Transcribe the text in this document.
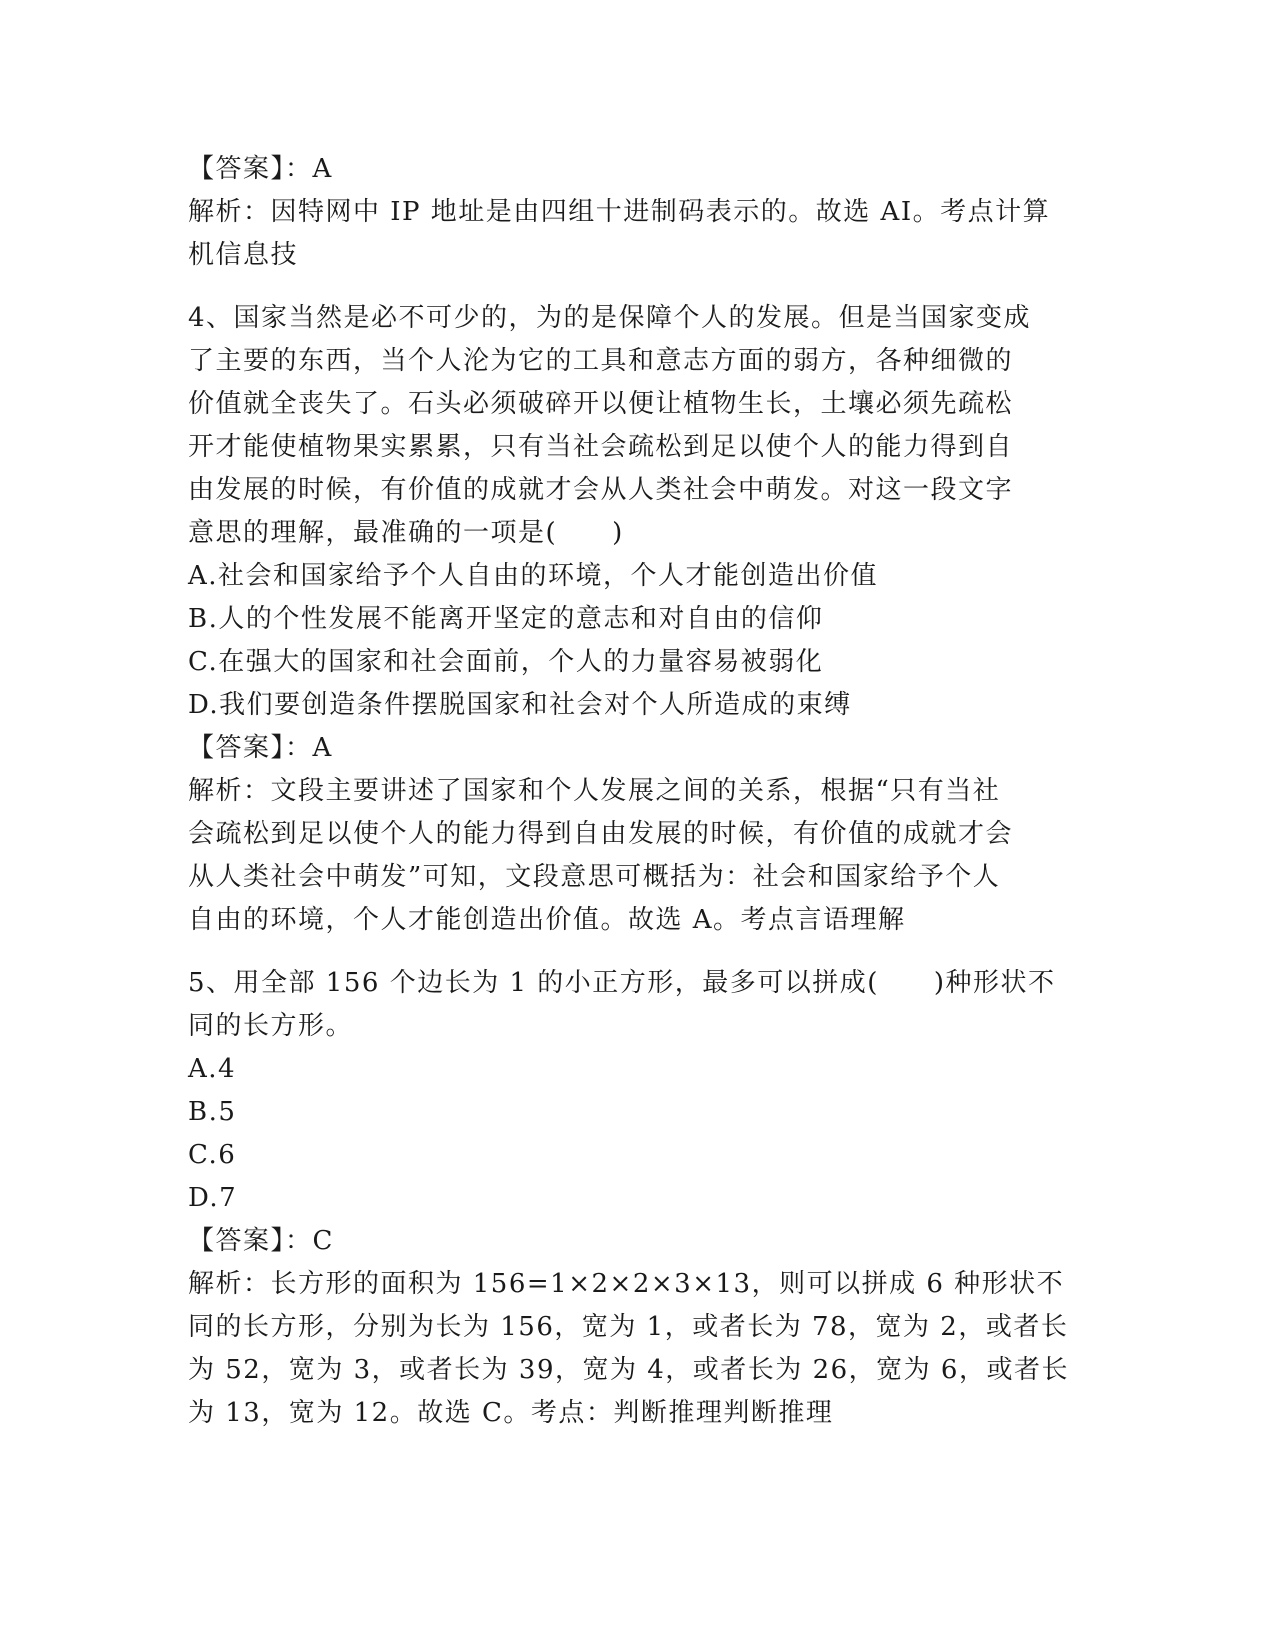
【答案】：A
解析：因特网中 IP 地址是由四组十进制码表示的。故选 AI。考点计算
机信息技
4、国家当然是必不可少的，为的是保障个人的发展。但是当国家变成
了主要的东西，当个人沦为它的工具和意志方面的弱方，各种细微的
价值就全丧失了。石头必须破碎开以便让植物生长，土壤必须先疏松
开才能使植物果实累累，只有当社会疏松到足以使个人的能力得到自
由发展的时候，有价值的成就才会从人类社会中萌发。对这一段文字
意思的理解，最准确的一项是(　　)
A.社会和国家给予个人自由的环境，个人才能创造出价值
B.人的个性发展不能离开坚定的意志和对自由的信仰
C.在强大的国家和社会面前，个人的力量容易被弱化
D.我们要创造条件摆脱国家和社会对个人所造成的束缚
【答案】：A
解析：文段主要讲述了国家和个人发展之间的关系，根据“只有当社
会疏松到足以使个人的能力得到自由发展的时候，有价值的成就才会
从人类社会中萌发”可知，文段意思可概括为：社会和国家给予个人
自由的环境，个人才能创造出价值。故选 A。考点言语理解
5、用全部 156 个边长为 1 的小正方形，最多可以拼成(　　)种形状不
同的长方形。
A.4
B.5
C.6
D.7
【答案】：C
解析：长方形的面积为 156=1×2×2×3×13，则可以拼成 6 种形状不
同的长方形，分别为长为 156，宽为 1，或者长为 78，宽为 2，或者长
为 52，宽为 3，或者长为 39，宽为 4，或者长为 26，宽为 6，或者长
为 13，宽为 12。故选 C。考点：判断推理判断推理
